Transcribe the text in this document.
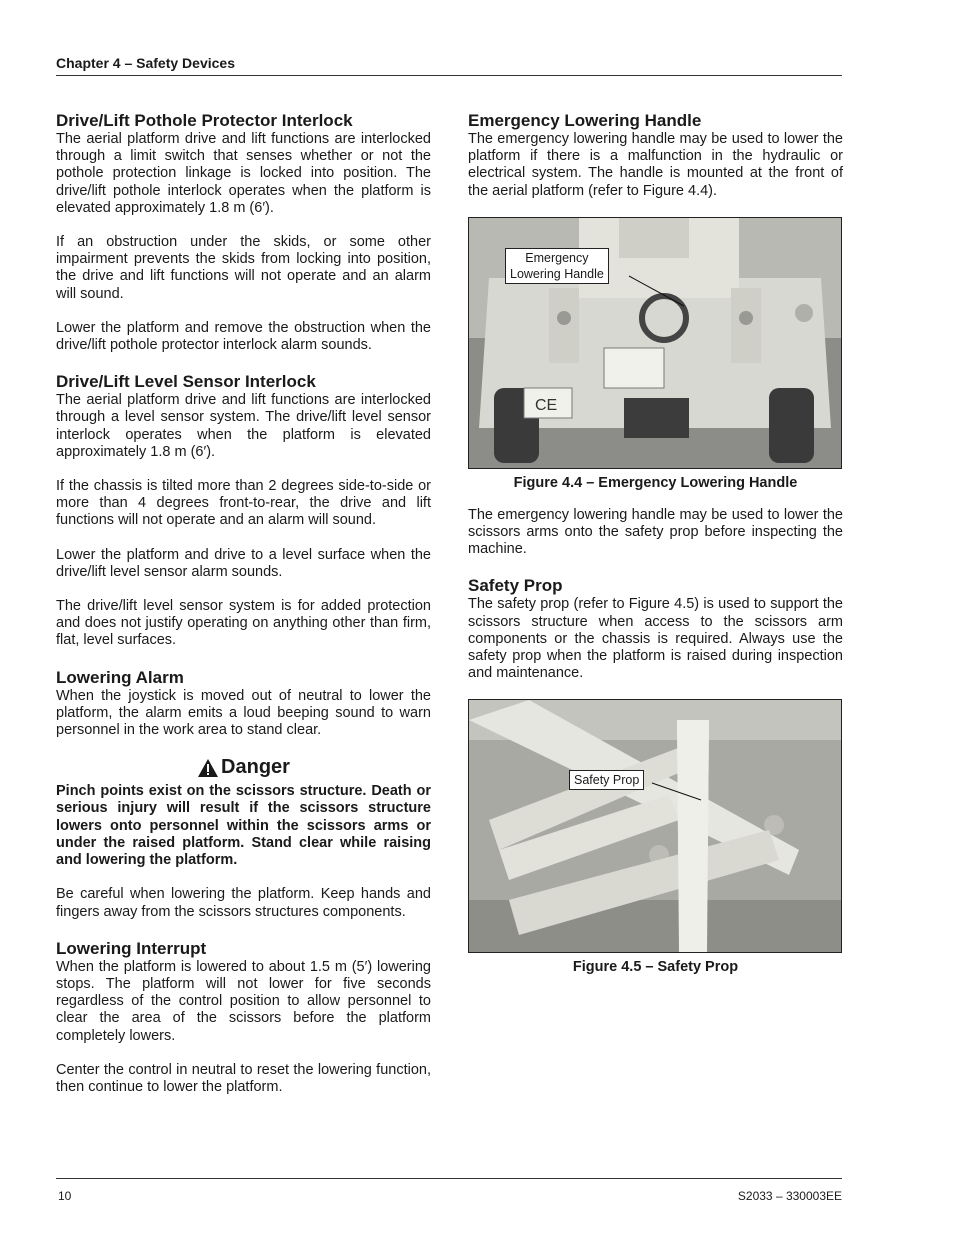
Chapter 4 – Safety Devices
Drive/Lift Pothole Protector Interlock

The aerial platform drive and lift functions are interlocked through a limit switch that senses whether or not the pothole protection linkage is locked into position. The drive/lift pothole interlock operates when the platform is elevated approximately 1.8 m (6′).

If an obstruction under the skids, or some other impairment prevents the skids from locking into position, the drive and lift functions will not operate and an alarm will sound.

Lower the platform and remove the obstruction when the drive/lift pothole protector interlock alarm sounds.

Drive/Lift Level Sensor Interlock

The aerial platform drive and lift functions are interlocked through a level sensor system. The drive/lift level sensor interlock operates when the platform is elevated approximately 1.8 m (6′).

If the chassis is tilted more than 2 degrees side-to-side or more than 4 degrees front-to-rear, the drive and lift functions will not operate and an alarm will sound.

Lower the platform and drive to a level surface when the drive/lift level sensor alarm sounds.

The drive/lift level sensor system is for added protection and does not justify operating on anything other than firm, flat, level surfaces.

Lowering Alarm

When the joystick is moved out of neutral to lower the platform, the alarm emits a loud beeping sound to warn personnel in the work area to stand clear.

Danger

Pinch points exist on the scissors structure. Death or serious injury will result if the scissors structure lowers onto personnel within the scissors arms or under the raised platform. Stand clear while raising and lowering the platform.

Be careful when lowering the platform. Keep hands and fingers away from the scissors structures components.

Lowering Interrupt

When the platform is lowered to about 1.5 m (5′) lowering stops. The platform will not lower for five seconds regardless of the control position to allow personnel to clear the area of the scissors before the platform completely lowers.

Center the control in neutral to reset the lowering function, then continue to lower the platform.

Emergency Lowering Handle

The emergency lowering handle may be used to lower the platform if there is a malfunction in the hydraulic or electrical system. The handle is mounted at the front of the aerial platform (refer to Figure 4.4).

CE
Emergency
Lowering Handle
Figure 4.4 – Emergency Lowering Handle

The emergency lowering handle may be used to lower the scissors arms onto the safety prop before inspecting the machine.

Safety Prop

The safety prop (refer to Figure 4.5) is used to support the scissors structure when access to the scissors arm components or the chassis is required. Always use the safety prop when the platform is raised during inspection and maintenance.

Safety Prop
Figure 4.5 – Safety Prop
10	S2033 – 330003EE
